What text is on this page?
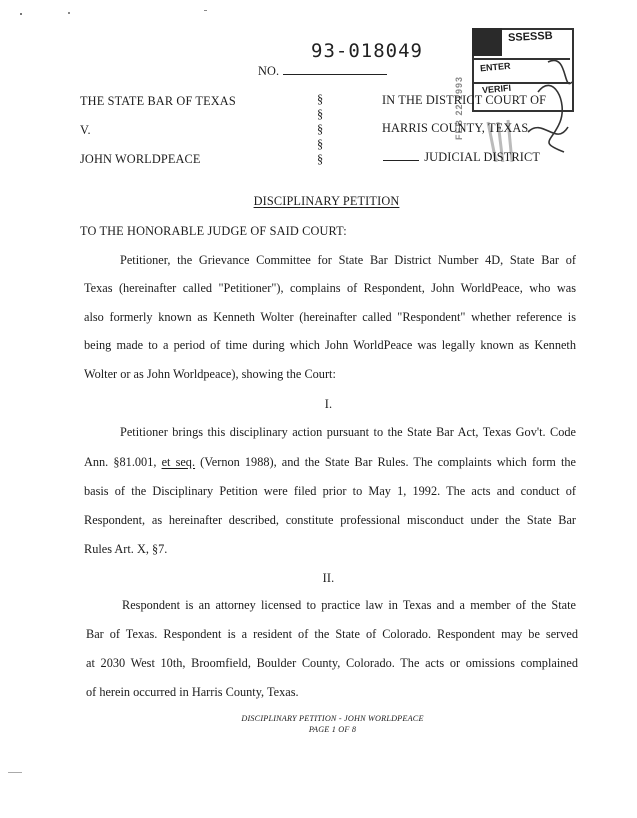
93-018049
NO.
SSESSB
ENTER
VERIFI
FEB 22 1993
THE STATE BAR OF TEXAS
V.
JOHN WORLDPEACE
§
§
§
§
§
IN THE DISTRICT COURT OF
HARRIS COUNTY, TEXAS
JUDICIAL DISTRICT
DISCIPLINARY PETITION
TO THE HONORABLE JUDGE OF SAID COURT:
Petitioner, the Grievance Committee for State Bar District Number 4D, State Bar of
Texas (hereinafter called "Petitioner"), complains of Respondent, John WorldPeace, who was
also formerly known as Kenneth Wolter (hereinafter called "Respondent" whether reference is
being made to a period of time during which John WorldPeace was legally known as Kenneth
Wolter or as John Worldpeace), showing the Court:
I.
Petitioner brings this disciplinary action pursuant to the State Bar Act, Texas Gov't. Code
Ann. §81.001, et seq. (Vernon 1988), and the State Bar Rules. The complaints which form the
basis of the Disciplinary Petition were filed prior to May 1, 1992. The acts and conduct of
Respondent, as hereinafter described, constitute professional misconduct under the State Bar
Rules Art. X, §7.
II.
Respondent is an attorney licensed to practice law in Texas and a member of the State
Bar of Texas. Respondent is a resident of the State of Colorado. Respondent may be served
at 2030 West 10th, Broomfield, Boulder County, Colorado. The acts or omissions complained
of herein occurred in Harris County, Texas.
DISCIPLINARY PETITION - JOHN WORLDPEACE
PAGE 1 OF 8
